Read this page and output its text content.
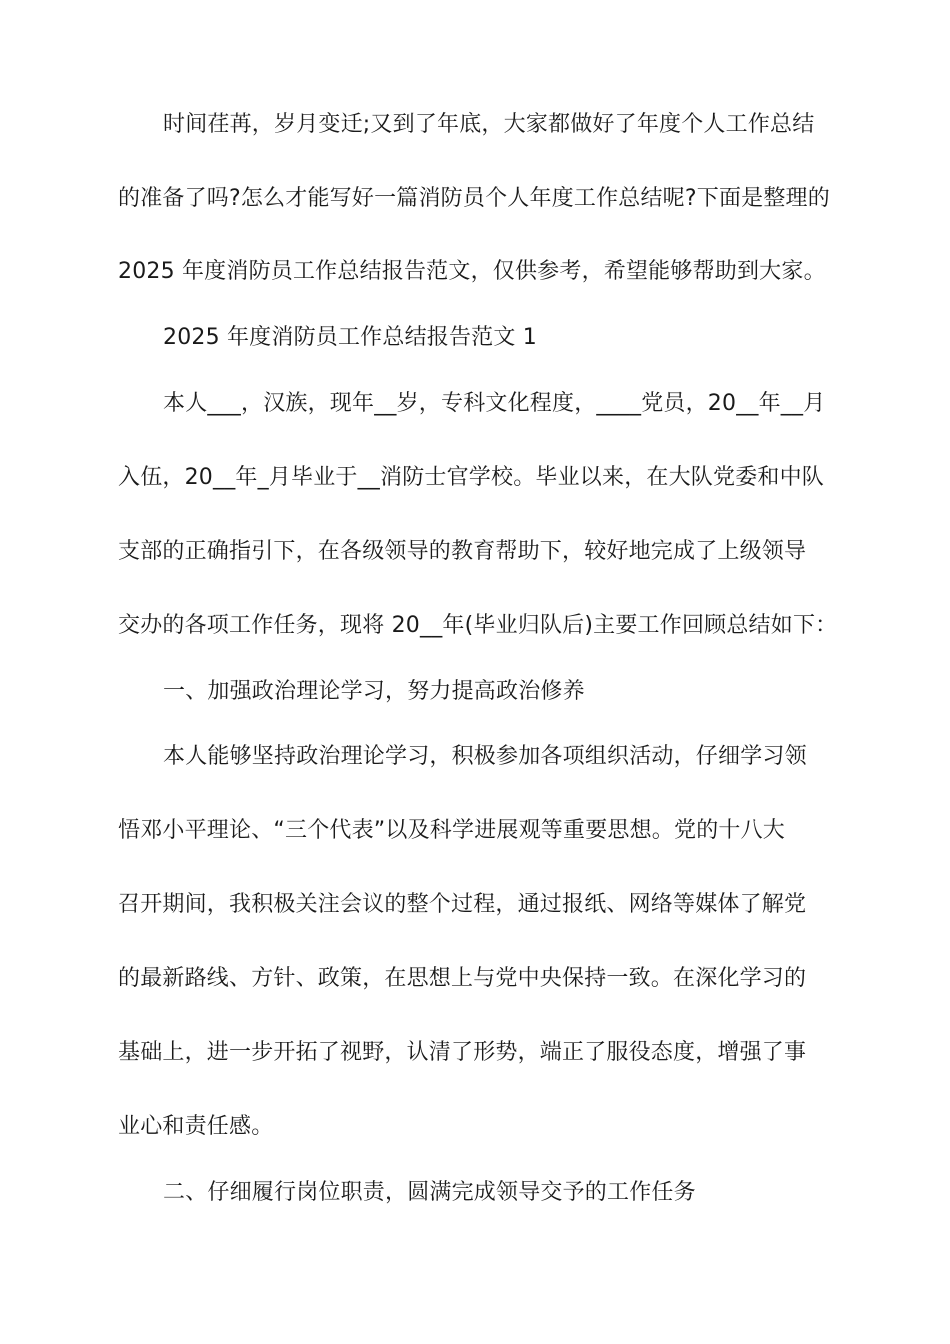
时间荏苒，岁月变迁;又到了年底，大家都做好了年度个人工作总结
的准备了吗?怎么才能写好一篇消防员个人年度工作总结呢?下面是整理的
2025 年度消防员工作总结报告范文，仅供参考，希望能够帮助到大家。
2025 年度消防员工作总结报告范文 1
本人___，汉族，现年__岁，专科文化程度，____党员，20__年__月
入伍，20__年_月毕业于__消防士官学校。毕业以来，在大队党委和中队
支部的正确指引下，在各级领导的教育帮助下，较好地完成了上级领导
交办的各项工作任务，现将 20__年(毕业归队后)主要工作回顾总结如下：
一、加强政治理论学习，努力提高政治修养
本人能够坚持政治理论学习，积极参加各项组织活动，仔细学习领
悟邓小平理论、“三个代表”以及科学进展观等重要思想。党的十八大
召开期间，我积极关注会议的整个过程，通过报纸、网络等媒体了解党
的最新路线、方针、政策，在思想上与党中央保持一致。在深化学习的
基础上，进一步开拓了视野，认清了形势，端正了服役态度，增强了事
业心和责任感。
二、仔细履行岗位职责，圆满完成领导交予的工作任务
